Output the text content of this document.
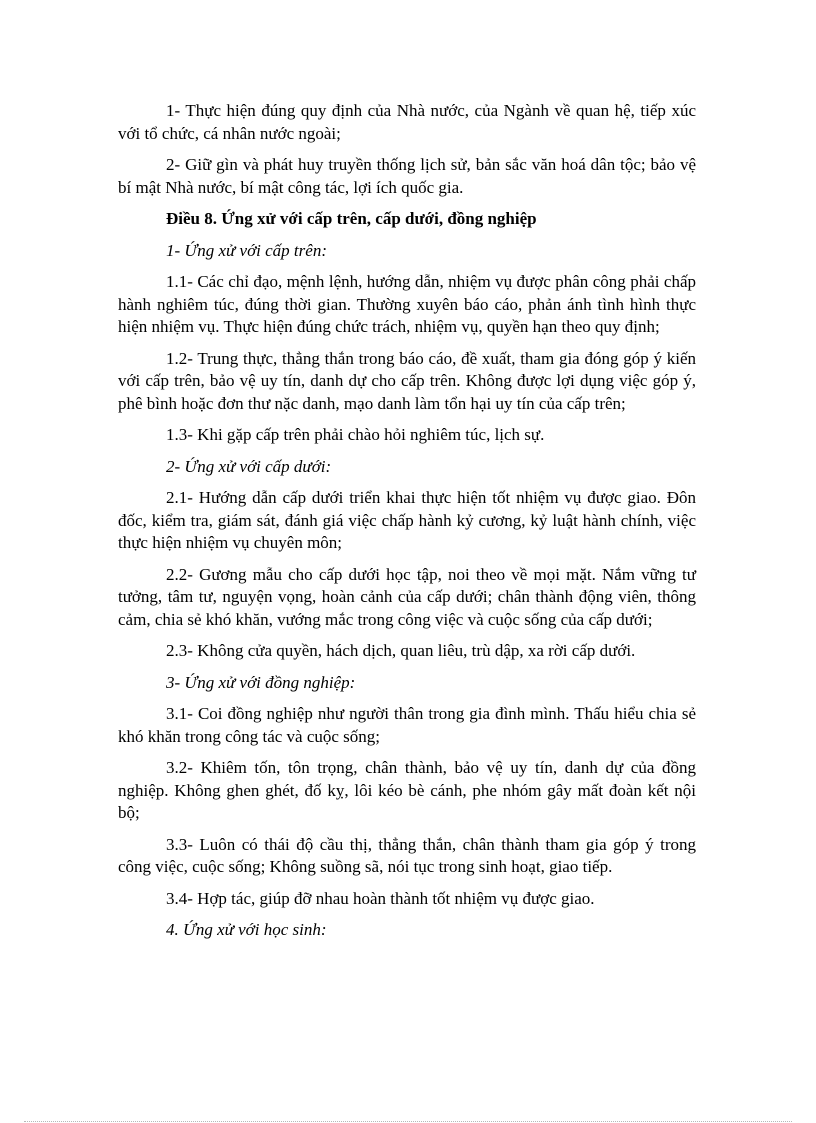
1- Thực hiện đúng quy định của Nhà nước, của Ngành về quan hệ, tiếp xúc với tổ chức, cá nhân nước ngoài;

2- Giữ gìn và phát huy truyền thống lịch sử, bản sắc văn hoá dân tộc; bảo vệ bí mật Nhà nước, bí mật công tác, lợi ích quốc gia.

Điều 8. Ứng xử với cấp trên, cấp dưới, đồng nghiệp

1- Ứng xử với cấp trên:

1.1- Các chỉ đạo, mệnh lệnh, hướng dẫn, nhiệm vụ được phân công phải chấp hành nghiêm túc, đúng thời gian. Thường xuyên báo cáo, phản ánh tình hình thực hiện nhiệm vụ. Thực hiện đúng chức trách, nhiệm vụ, quyền hạn theo quy định;

1.2- Trung thực, thẳng thắn trong báo cáo, đề xuất, tham gia đóng góp ý kiến với cấp trên, bảo vệ uy tín, danh dự cho cấp trên. Không được lợi dụng việc góp ý, phê bình hoặc đơn thư nặc danh, mạo danh làm tổn hại uy tín của cấp trên;

1.3- Khi gặp cấp trên phải chào hỏi nghiêm túc, lịch sự.

2- Ứng xử với cấp dưới:

2.1- Hướng dẫn cấp dưới triển khai thực hiện tốt nhiệm vụ được giao. Đôn đốc, kiểm tra, giám sát, đánh giá việc chấp hành kỷ cương, kỷ luật hành chính, việc thực hiện nhiệm vụ chuyên môn;

2.2- Gương mẫu cho cấp dưới học tập, noi theo về mọi mặt. Nắm vững tư tưởng, tâm tư, nguyện vọng, hoàn cảnh của cấp dưới; chân thành động viên, thông cảm, chia sẻ khó khăn, vướng mắc trong công việc và cuộc sống của cấp dưới;

2.3- Không cửa quyền, hách dịch, quan liêu, trù dập, xa rời cấp dưới.

3- Ứng xử với đồng nghiệp:

3.1- Coi đồng nghiệp như người thân trong gia đình mình. Thấu hiểu chia sẻ khó khăn trong công tác và cuộc sống;

3.2- Khiêm tốn, tôn trọng, chân thành, bảo vệ uy tín, danh dự của đồng nghiệp. Không ghen ghét, đố kỵ, lôi kéo bè cánh, phe nhóm gây mất đoàn kết nội bộ;

3.3- Luôn có thái độ cầu thị, thẳng thắn, chân thành tham gia góp ý trong công việc, cuộc sống; Không suồng sã, nói tục trong sinh hoạt, giao tiếp.

3.4- Hợp tác, giúp đỡ nhau hoàn thành tốt nhiệm vụ được giao.

4. Ứng xử với học sinh:
